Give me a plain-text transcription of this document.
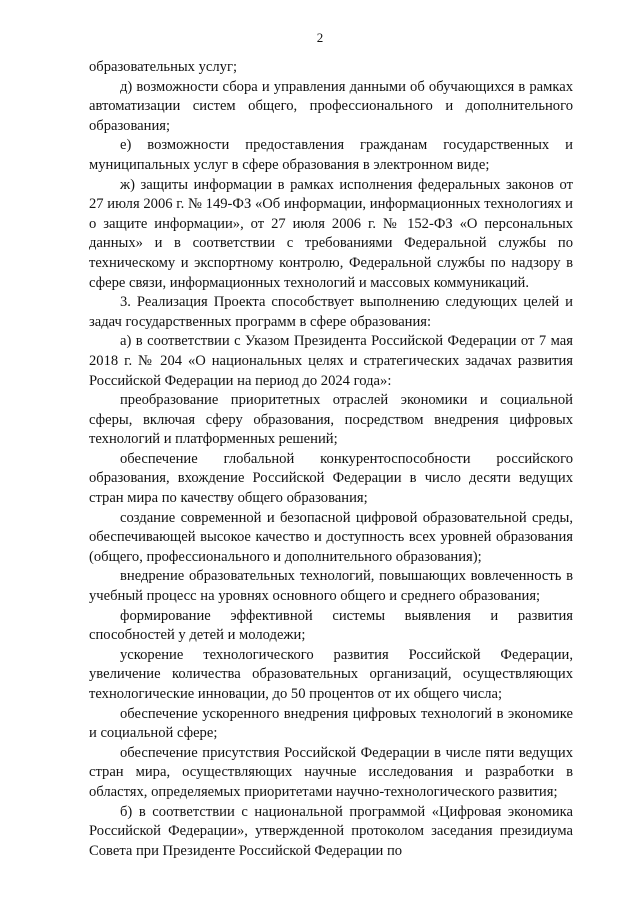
2

образовательных услуг;

д) возможности сбора и управления данными об обучающихся в рамках автоматизации систем общего, профессионального и дополнительного образования;

е) возможности предоставления гражданам государственных и муниципальных услуг в сфере образования в электронном виде;

ж) защиты информации в рамках исполнения федеральных законов от 27 июля 2006 г. № 149-ФЗ «Об информации, информационных технологиях и о защите информации», от 27 июля 2006 г. № 152-ФЗ «О персональных данных» и в соответствии с требованиями Федеральной службы по техническому и экспортному контролю, Федеральной службы по надзору в сфере связи, информационных технологий и массовых коммуникаций.

3. Реализация Проекта способствует выполнению следующих целей и задач государственных программ в сфере образования:

а) в соответствии с Указом Президента Российской Федерации от 7 мая 2018 г. № 204 «О национальных целях и стратегических задачах развития Российской Федерации на период до 2024 года»:

преобразование приоритетных отраслей экономики и социальной сферы, включая сферу образования, посредством внедрения цифровых технологий и платформенных решений;

обеспечение глобальной конкурентоспособности российского образования, вхождение Российской Федерации в число десяти ведущих стран мира по качеству общего образования;

создание современной и безопасной цифровой образовательной среды, обеспечивающей высокое качество и доступность всех уровней образования (общего, профессионального и дополнительного образования);

внедрение образовательных технологий, повышающих вовлеченность в учебный процесс на уровнях основного общего и среднего образования;

формирование эффективной системы выявления и развития способностей у детей и молодежи;

ускорение технологического развития Российской Федерации, увеличение количества образовательных организаций, осуществляющих технологические инновации, до 50 процентов от их общего числа;

обеспечение ускоренного внедрения цифровых технологий в экономике и социальной сфере;

обеспечение присутствия Российской Федерации в числе пяти ведущих стран мира, осуществляющих научные исследования и разработки в областях, определяемых приоритетами научно-технологического развития;

б) в соответствии с национальной программой «Цифровая экономика Российской Федерации», утвержденной протоколом заседания президиума Совета при Президенте Российской Федерации по
